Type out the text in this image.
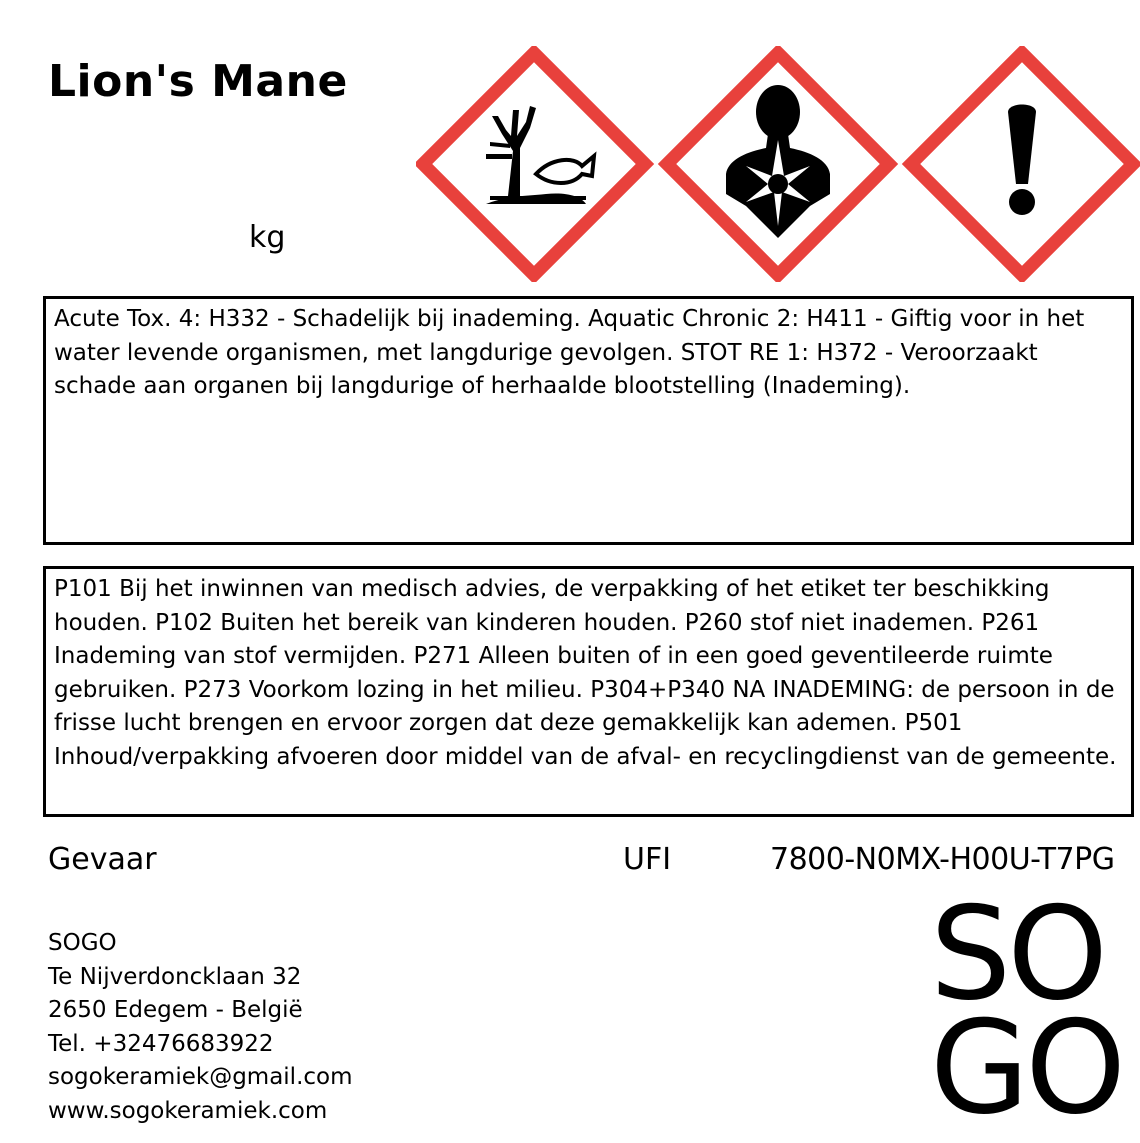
Lion's Mane
kg
Acute Tox. 4: H332 - Schadelijk bij inademing. Aquatic Chronic 2: H411 - Giftig voor in het water levende organismen, met langdurige gevolgen. STOT RE 1: H372 - Veroorzaakt schade aan organen bij langdurige of herhaalde blootstelling (Inademing).
P101 Bij het inwinnen van medisch advies, de verpakking of het etiket ter beschikking houden. P102 Buiten het bereik van kinderen houden. P260 stof niet inademen. P261 Inademing van stof vermijden. P271 Alleen buiten of in een goed geventileerde ruimte gebruiken. P273 Voorkom lozing in het milieu. P304+P340 NA INADEMING: de persoon in de frisse lucht brengen en ervoor zorgen dat deze gemakkelijk kan ademen. P501 Inhoud/verpakking afvoeren door middel van de afval- en recyclingdienst van de gemeente.
Gevaar	UFI	7800-N0MX-H00U-T7PG
SOGO
Te Nijverdoncklaan 32
2650 Edegem - België
Tel. +32476683922
sogokeramiek@gmail.com
www.sogokeramiek.com
SO
GO
